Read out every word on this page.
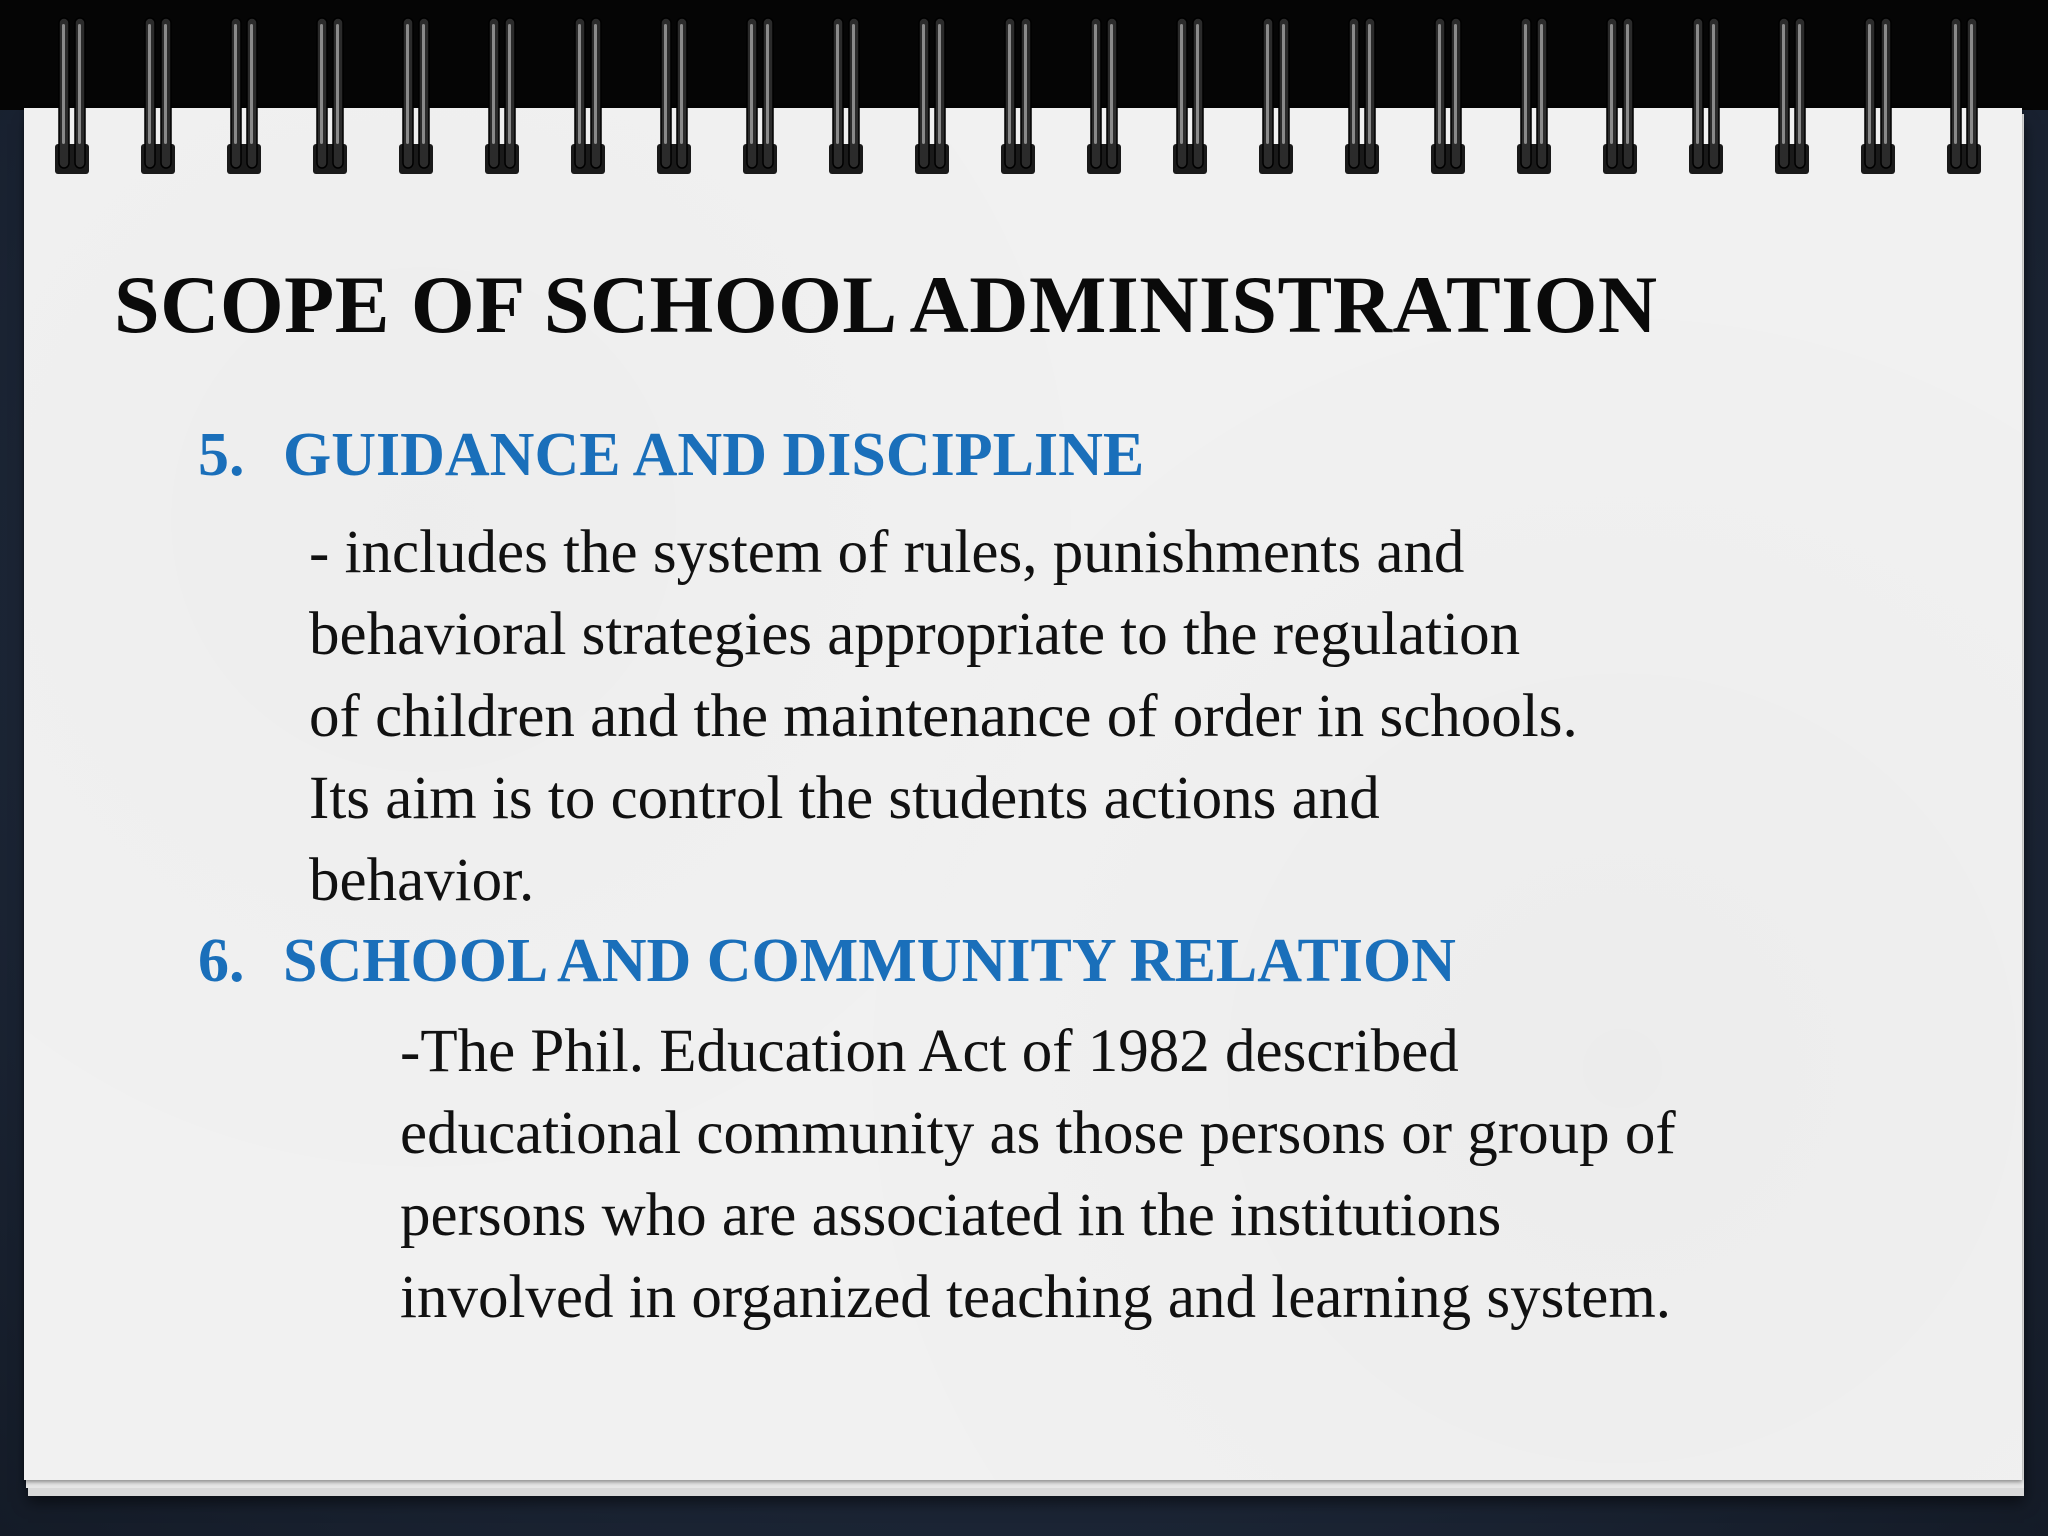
SCOPE OF SCHOOL ADMINISTRATION
5. GUIDANCE AND DISCIPLINE
- includes the system of rules, punishments and
behavioral strategies appropriate to the regulation
of children and the maintenance of order in schools.
Its aim is to control the students actions and
behavior.
6. SCHOOL AND COMMUNITY RELATION
-The Phil. Education Act of 1982 described
educational community as those persons or group of
persons who are associated in the institutions
involved in organized teaching and learning system.
